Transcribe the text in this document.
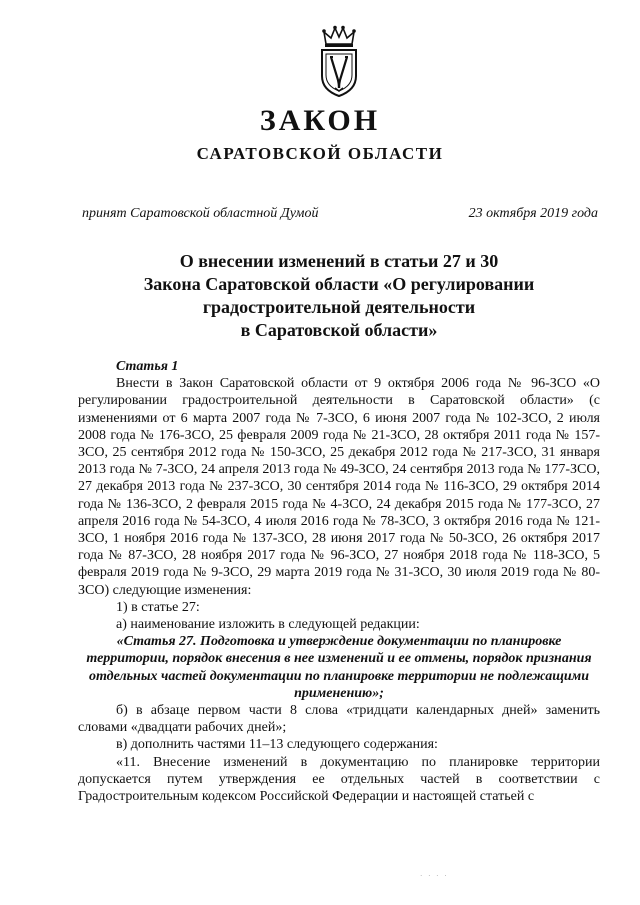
ЗАКОН
САРАТОВСКОЙ ОБЛАСТИ
принят Саратовской областной Думой	23 октября 2019 года
О внесении изменений в статьи 27 и 30
Закона Саратовской области «О регулировании
градостроительной деятельности
в Саратовской области»
Статья 1

Внести в Закон Саратовской области от 9 октября 2006 года № 96-ЗСО «О регулировании градостроительной деятельности в Саратовской области» (с изменениями от 6 марта 2007 года № 7-ЗСО, 6 июня 2007 года № 102-ЗСО, 2 июля 2008 года № 176-ЗСО, 25 февраля 2009 года № 21-ЗСО, 28 октября 2011 года № 157-ЗСО, 25 сентября 2012 года № 150-ЗСО, 25 декабря 2012 года № 217-ЗСО, 31 января 2013 года № 7-ЗСО, 24 апреля 2013 года № 49-ЗСО, 24 сентября 2013 года № 177-ЗСО, 27 декабря 2013 года № 237-ЗСО, 30 сентября 2014 года № 116-ЗСО, 29 октября 2014 года № 136-ЗСО, 2 февраля 2015 года № 4-ЗСО, 24 декабря 2015 года № 177-ЗСО, 27 апреля 2016 года № 54-ЗСО, 4 июля 2016 года № 78-ЗСО, 3 октября 2016 года № 121-ЗСО, 1 ноября 2016 года № 137-ЗСО, 28 июня 2017 года № 50-ЗСО, 26 октября 2017 года № 87-ЗСО, 28 ноября 2017 года № 96-ЗСО, 27 ноября 2018 года № 118-ЗСО, 5 февраля 2019 года № 9-ЗСО, 29 марта 2019 года № 31-ЗСО, 30 июля 2019 года № 80-ЗСО) следующие изменения:

1) в статье 27:

а) наименование изложить в следующей редакции:

«Статья 27. Подготовка и утверждение документации по планировке территории, порядок внесения в нее изменений и ее отмены, порядок признания отдельных частей документации по планировке территории не подлежащими применению»;

б) в абзаце первом части 8 слова «тридцати календарных дней» заменить словами «двадцати рабочих дней»;

в) дополнить частями 11–13 следующего содержания:

«11. Внесение изменений в документацию по планировке территории допускается путем утверждения ее отдельных частей в соответствии с Градостроительным кодексом Российской Федерации и настоящей статьей с

· · · ·
